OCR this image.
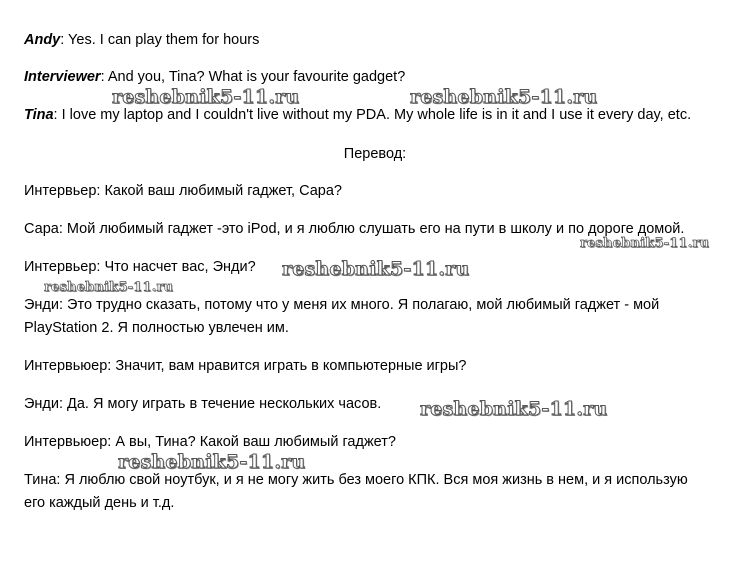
Andy: Yes. I can play them for hours
Interviewer: And you, Tina? What is your favourite gadget?
Tina: I love my laptop and I couldn't live without my PDA. My whole life is in it and I use it every day, etc.
Перевод:
Интервьер: Какой ваш любимый гаджет, Сара?
Сара: Мой любимый гаджет -это iPod, и я люблю слушать его на пути в школу и по дороге домой.
Интервьер: Что насчет вас, Энди?
Энди: Это трудно сказать, потому что у меня их много. Я полагаю, мой любимый гаджет - мой
PlayStation 2. Я полностью увлечен им.
Интервьюер: Значит, вам нравится играть в компьютерные игры?
Энди: Да. Я могу играть в течение нескольких часов.
Интервьюер: А вы, Тина? Какой ваш любимый гаджет?
Тина: Я люблю свой ноутбук, и я не могу жить без моего КПК. Вся моя жизнь в нем, и я использую
его каждый день и т.д.
reshebnik5-11.ru	reshebnik5-11.ru
reshebnik5-11.ru
reshebnik5-11.ru
reshebnik5-11.ru
reshebnik5-11.ru
reshebnik5-11.ru
